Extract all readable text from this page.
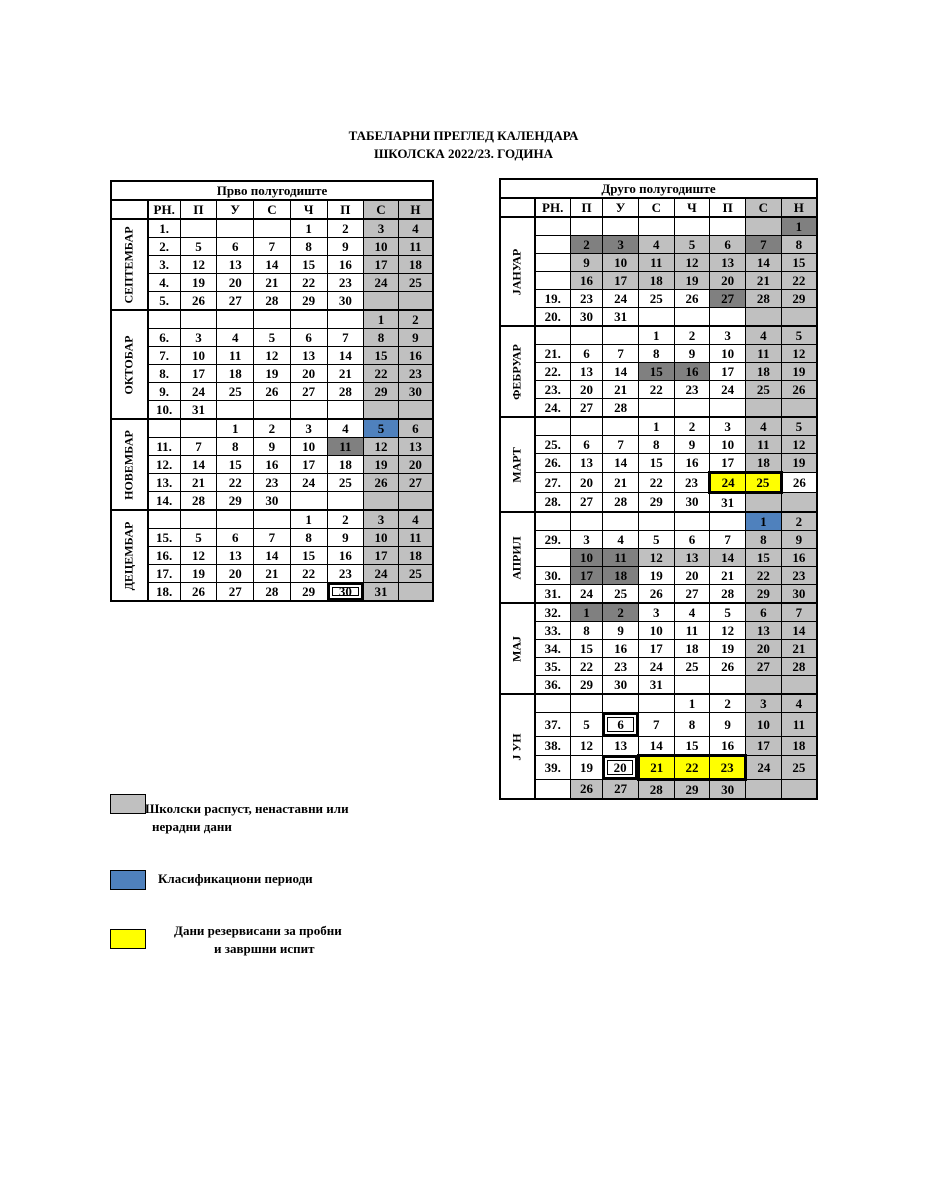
ТАБЕЛАРНИ ПРЕГЛЕД КАЛЕНДАРА
ШКОЛСКА 2022/23. ГОДИНА
Прво полугодиште								
	РН.	П	У	С	Ч	П	С	Н

СЕПТЕМБАР	1.				1	2	3	4
	2.	5	6	7	8	9	10	11
	3.	12	13	14	15	16	17	18
	4.	19	20	21	22	23	24	25
	5.	26	27	28	29	30		

ОКТОБАР							1	2
	6.	3	4	5	6	7	8	9
	7.	10	11	12	13	14	15	16
	8.	17	18	19	20	21	22	23
	9.	24	25	26	27	28	29	30
	10.	31						

НОВЕМБАР			1	2	3	4	5	6
	11.	7	8	9	10	11	12	13
	12.	14	15	16	17	18	19	20
	13.	21	22	23	24	25	26	27
	14.	28	29	30				

ДЕЦЕМБАР					1	2	3	4
	15.	5	6	7	8	9	10	11
	16.	12	13	14	15	16	17	18
	17.	19	20	21	22	23	24	25
	18.	26	27	28	29	30	31	
Друго полугодиште								
	РН.	П	У	С	Ч	П	С	Н

ЈАНУАР								1
		2	3	4	5	6	7	8
		9	10	11	12	13	14	15
		16	17	18	19	20	21	22
	19.	23	24	25	26	27	28	29
	20.	30	31					

ФЕБРУАР				1	2	3	4	5
	21.	6	7	8	9	10	11	12
	22.	13	14	15	16	17	18	19
	23.	20	21	22	23	24	25	26
	24.	27	28					

МАРТ				1	2	3	4	5
	25.	6	7	8	9	10	11	12
	26.	13	14	15	16	17	18	19
	27.	20	21	22	23	24	25	26
	28.	27	28	29	30	31		

АПРИЛ							1	2
	29.	3	4	5	6	7	8	9
		10	11	12	13	14	15	16
	30.	17	18	19	20	21	22	23
	31.	24	25	26	27	28	29	30

МАЈ	32.	1	2	3	4	5	6	7
	33.	8	9	10	11	12	13	14
	34.	15	16	17	18	19	20	21
	35.	22	23	24	25	26	27	28
	36.	29	30	31				

Ј УН					1	2	3	4
	37.	5	6	7	8	9	10	11
	38.	12	13	14	15	16	17	18
	39.	19	20	21	22	23	24	25
		26	27	28	29	30		
Школски распуст, ненаставни или
нерадни дани
Класификациони периоди
Дани резервисани за пробни
и завршни испит
